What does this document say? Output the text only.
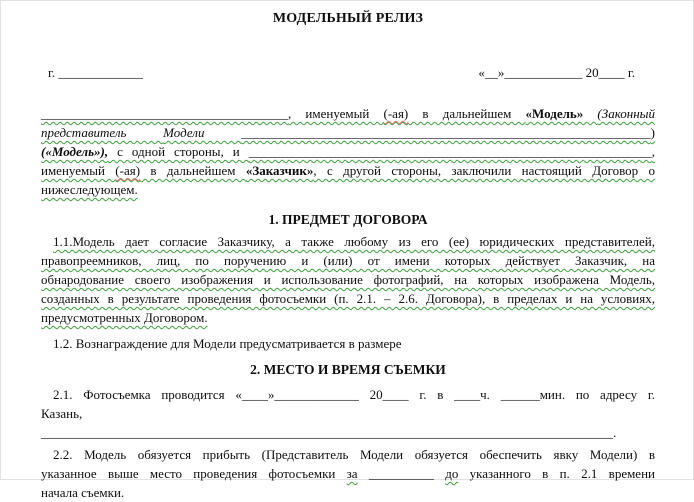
МОДЕЛЬНЫЙ РЕЛИЗ
г. _____________	«__»____________ 20____ г.
______________________________________, именуемый (-ая) в дальнейшем «Модель» (Законный
представитель Модели _______________________________________________________________)
(«Модель»), с одной стороны, и ______________________________________________________________,
именуемый (-ая) в дальнейшем «Заказчик», с другой стороны, заключили настоящий Договор о
нижеследующем.
1. ПРЕДМЕТ ДОГОВОРА
1.1.Модель дает согласие Заказчику, а также любому из его (ее) юридических представителей,
правопреемников, лиц, по поручению и (или) от имени которых действует Заказчик, на
обнародование своего изображения и использование фотографий, на которых изображена Модель,
созданных в результате проведения фотосъемки (п. 2.1. – 2.6. Договора), в пределах и на условиях,
предусмотренных Договором.
1.2. Вознаграждение для Модели предусматривается в размере
2. МЕСТО И ВРЕМЯ СЪЕМКИ
2.1. Фотосъемка проводится «____»_____________ 20____ г. в ____ч. ______мин. по адресу г.
Казань, ________________________________________________________________________________________.
2.2. Модель обязуется прибыть (Представитель Модели обязуется обеспечить явку Модели) в
указанное выше место проведения фотосъемки за __________ до указанного в п. 2.1 времени
начала съемки.
